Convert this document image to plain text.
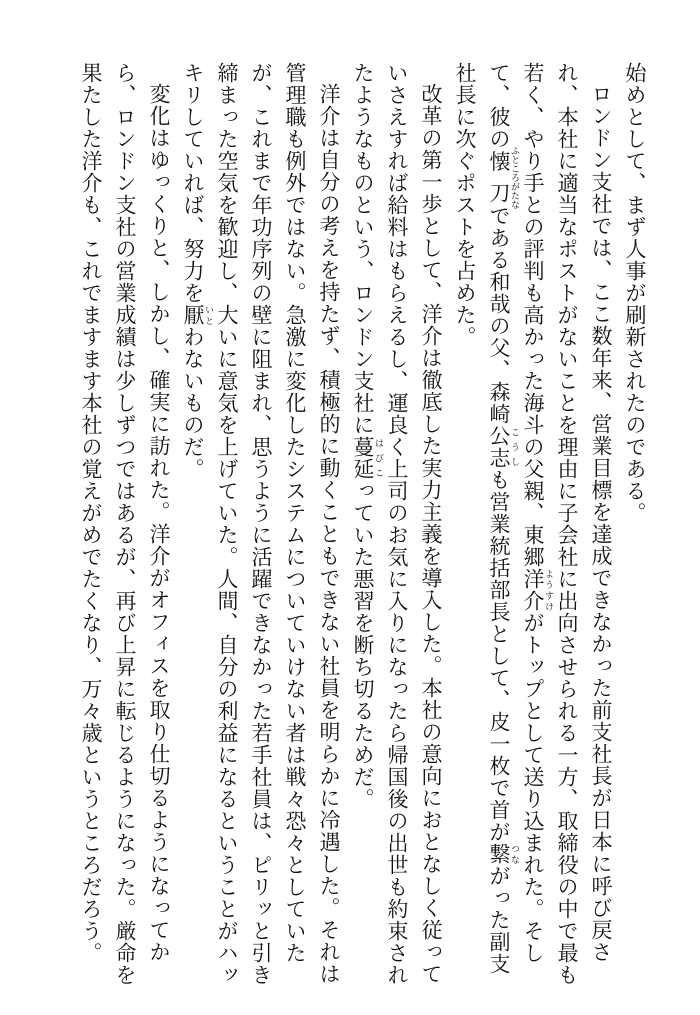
始めとして、まず人事が刷新されたのである。

ロンドン支社では、ここ数年来、営業目標を達成できなかった前支社長が日本に呼び戻され、本社に適当なポストがないことを理由に子会社に出向させられる一方、取締役の中で最も若く、やり手との評判も高かった海斗の父親、東郷洋介 ようすけがトップとして送り込まれた。そして、彼の懐刀 ふところがたなである和哉の父、森崎公志 こうしも営業統括部長として、皮一枚で首が繋 つながった副支社長に次ぐポストを占めた。

改革の第一歩として、洋介は徹底した実力主義を導入した。本社の意向におとなしく従っていさえすれば給料はもらえるし、運良く上司のお気に入りになったら帰国後の出世も約束されたようなものという、ロンドン支社に蔓延 はびこっていた悪習を断ち切るためだ。

洋介は自分の考えを持たず、積極的に動くこともできない社員を明らかに冷遇した。それは管理職も例外ではない。急激に変化したシステムについていけない者は戦々恐々としていたが、これまで年功序列の壁に阻まれ、思うように活躍できなかった若手社員は、ピリッと引き締まった空気を歓迎し、大いに意気を上げていた。人間、自分の利益になるということがハッキリしていれば、努力を厭 いとわないものだ。

変化はゆっくりと、しかし、確実に訪れた。洋介がオフィスを取り仕切るようになってから、ロンドン支社の営業成績は少しずつではあるが、再び上昇に転じるようになった。厳命を果たした洋介も、これでますます本社の覚えがめでたくなり、万々歳というところだろう。
